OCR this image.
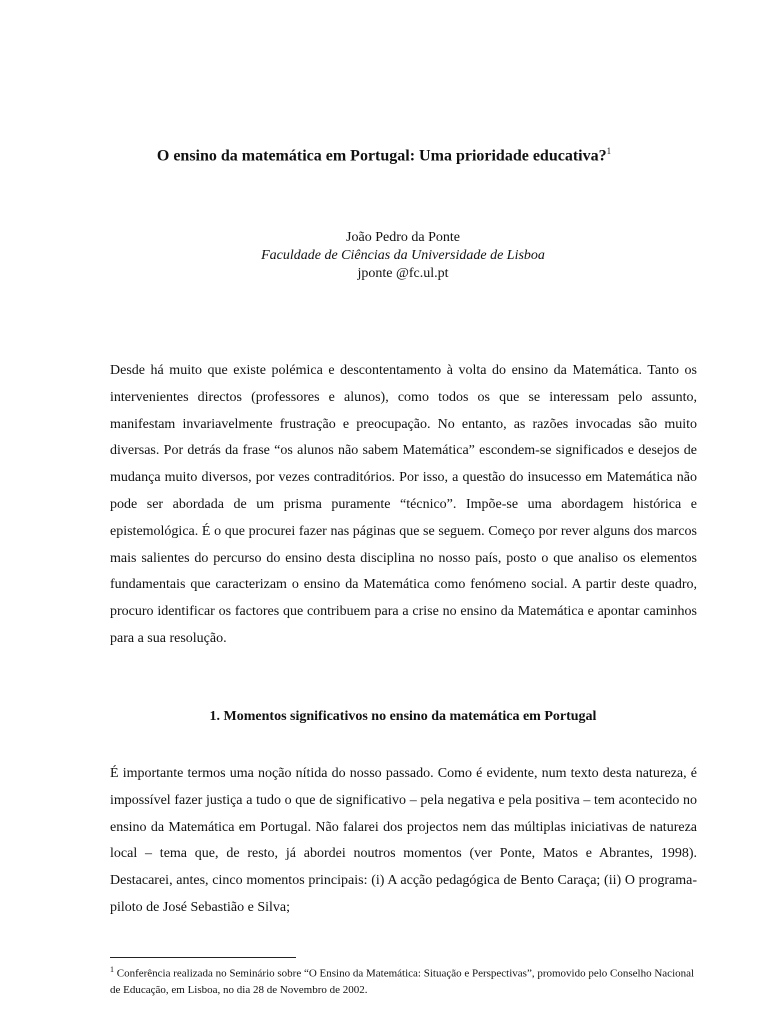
O ensino da matemática em Portugal: Uma prioridade educativa?$^1$
João Pedro da Ponte
Faculdade de Ciências da Universidade de Lisboa
jponte @fc.ul.pt

Desde há muito que existe polémica e descontentamento à volta do ensino da Matemática. Tanto os intervenientes directos (professores e alunos), como todos os que se interessam pelo assunto, manifestam invariavelmente frustração e preocupação. No entanto, as razões invocadas são muito diversas. Por detrás da frase “os alunos não sabem Matemática” escondem-se significados e desejos de mudança muito diversos, por vezes contraditórios. Por isso, a questão do insucesso em Matemática não pode ser abordada de um prisma puramente “técnico”. Impõe-se uma abordagem histórica e epistemológica. É o que procurei fazer nas páginas que se seguem. Começo por rever alguns dos marcos mais salientes do percurso do ensino desta disciplina no nosso país, posto o que analiso os elementos fundamentais que caracterizam o ensino da Matemática como fenómeno social. A partir deste quadro, procuro identificar os factores que contribuem para a crise no ensino da Matemática e apontar caminhos para a sua resolução.

1. Momentos significativos no ensino da matemática em Portugal

É importante termos uma noção nítida do nosso passado. Como é evidente, num texto desta natureza, é impossível fazer justiça a tudo o que de significativo – pela negativa e pela positiva – tem acontecido no ensino da Matemática em Portugal. Não falarei dos projectos nem das múltiplas iniciativas de natureza local – tema que, de resto, já abordei noutros momentos (ver Ponte, Matos e Abrantes, 1998). Destacarei, antes, cinco momentos principais: (i) A acção pedagógica de Bento Caraça; (ii) O programa-piloto de José Sebastião e Silva;

$^1$ Conferência realizada no Seminário sobre “O Ensino da Matemática: Situação e Perspectivas”, promovido pelo Conselho Nacional de Educação, em Lisboa, no dia 28 de Novembro de 2002.
